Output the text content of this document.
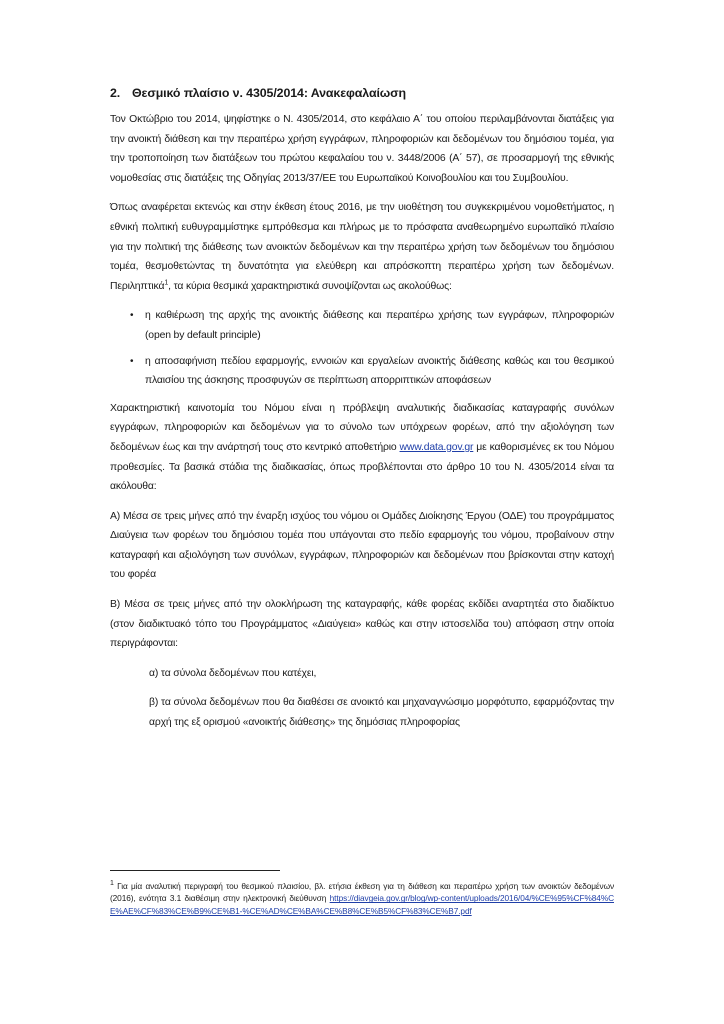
2. Θεσμικό πλαίσιο ν. 4305/2014: Ανακεφαλαίωση

Τον Οκτώβριο του 2014, ψηφίστηκε ο Ν. 4305/2014, στο κεφάλαιο Α΄ του οποίου περιλαμβάνονται διατάξεις για την ανοικτή διάθεση και την περαιτέρω χρήση εγγράφων, πληροφοριών και δεδομένων του δημόσιου τομέα, για την τροποποίηση των διατάξεων του πρώτου κεφαλαίου του ν. 3448/2006 (Α΄ 57), σε προσαρμογή της εθνικής νομοθεσίας στις διατάξεις της Οδηγίας 2013/37/ΕΕ του Ευρωπαϊκού Κοινοβουλίου και του Συμβουλίου.

Όπως αναφέρεται εκτενώς και στην έκθεση έτους 2016, με την υιοθέτηση του συγκεκριμένου νομοθετήματος, η εθνική πολιτική ευθυγραμμίστηκε εμπρόθεσμα και πλήρως με το πρόσφατα αναθεωρημένο ευρωπαϊκό πλαίσιο για την πολιτική της διάθεσης των ανοικτών δεδομένων και την περαιτέρω χρήση των δεδομένων του δημόσιου τομέα, θεσμοθετώντας τη δυνατότητα για ελεύθερη και απρόσκοπτη περαιτέρω χρήση των δεδομένων. Περιληπτικά$^1$, τα κύρια θεσμικά χαρακτηριστικά συνοψίζονται ως ακολούθως:

• η καθιέρωση της αρχής της ανοικτής διάθεσης και περαιτέρω χρήσης των εγγράφων, πληροφοριών (open by default principle)
• η αποσαφήνιση πεδίου εφαρμογής, εννοιών και εργαλείων ανοικτής διάθεσης καθώς και του θεσμικού πλαισίου της άσκησης προσφυγών σε περίπτωση απορριπτικών αποφάσεων

Χαρακτηριστική καινοτομία του Νόμου είναι η πρόβλεψη αναλυτικής διαδικασίας καταγραφής συνόλων εγγράφων, πληροφοριών και δεδομένων για το σύνολο των υπόχρεων φορέων, από την αξιολόγηση των δεδομένων έως και την ανάρτησή τους στο κεντρικό αποθετήριο www.data.gov.gr με καθορισμένες εκ του Νόμου προθεσμίες. Τα βασικά στάδια της διαδικασίας, όπως προβλέπονται στο άρθρο 10 του Ν. 4305/2014 είναι τα ακόλουθα:

Α) Μέσα σε τρεις μήνες από την έναρξη ισχύος του νόμου οι Ομάδες Διοίκησης Έργου (ΟΔΕ) του προγράμματος Διαύγεια των φορέων του δημόσιου τομέα που υπάγονται στο πεδίο εφαρμογής του νόμου, προβαίνουν στην καταγραφή και αξιολόγηση των συνόλων, εγγράφων, πληροφοριών και δεδομένων που βρίσκονται στην κατοχή του φορέα

Β) Μέσα σε τρεις μήνες από την ολοκλήρωση της καταγραφής, κάθε φορέας εκδίδει αναρτητέα στο διαδίκτυο (στον διαδικτυακό τόπο του Προγράμματος «Διαύγεια» καθώς και στην ιστοσελίδα του) απόφαση στην οποία περιγράφονται:

α) τα σύνολα δεδομένων που κατέχει,

β) τα σύνολα δεδομένων που θα διαθέσει σε ανοικτό και μηχαναγνώσιμο μορφότυπο, εφαρμόζοντας την αρχή της εξ ορισμού «ανοικτής διάθεσης» της δημόσιας πληροφορίας

$^1$ Για μία αναλυτική περιγραφή του θεσμικού πλαισίου, βλ. ετήσια έκθεση για τη διάθεση και περαιτέρω χρήση των ανοικτών δεδομένων (2016), ενότητα 3.1 διαθέσιμη στην ηλεκτρονική διεύθυνση https://diavgeia.gov.gr/blog/wp-content/uploads/2016/04/%CE%95%CF%84%CE%AE%CF%83%CE%B9%CE%B1-%CE%AD%CE%BA%CE%B8%CE%B5%CF%83%CE%B7.pdf
